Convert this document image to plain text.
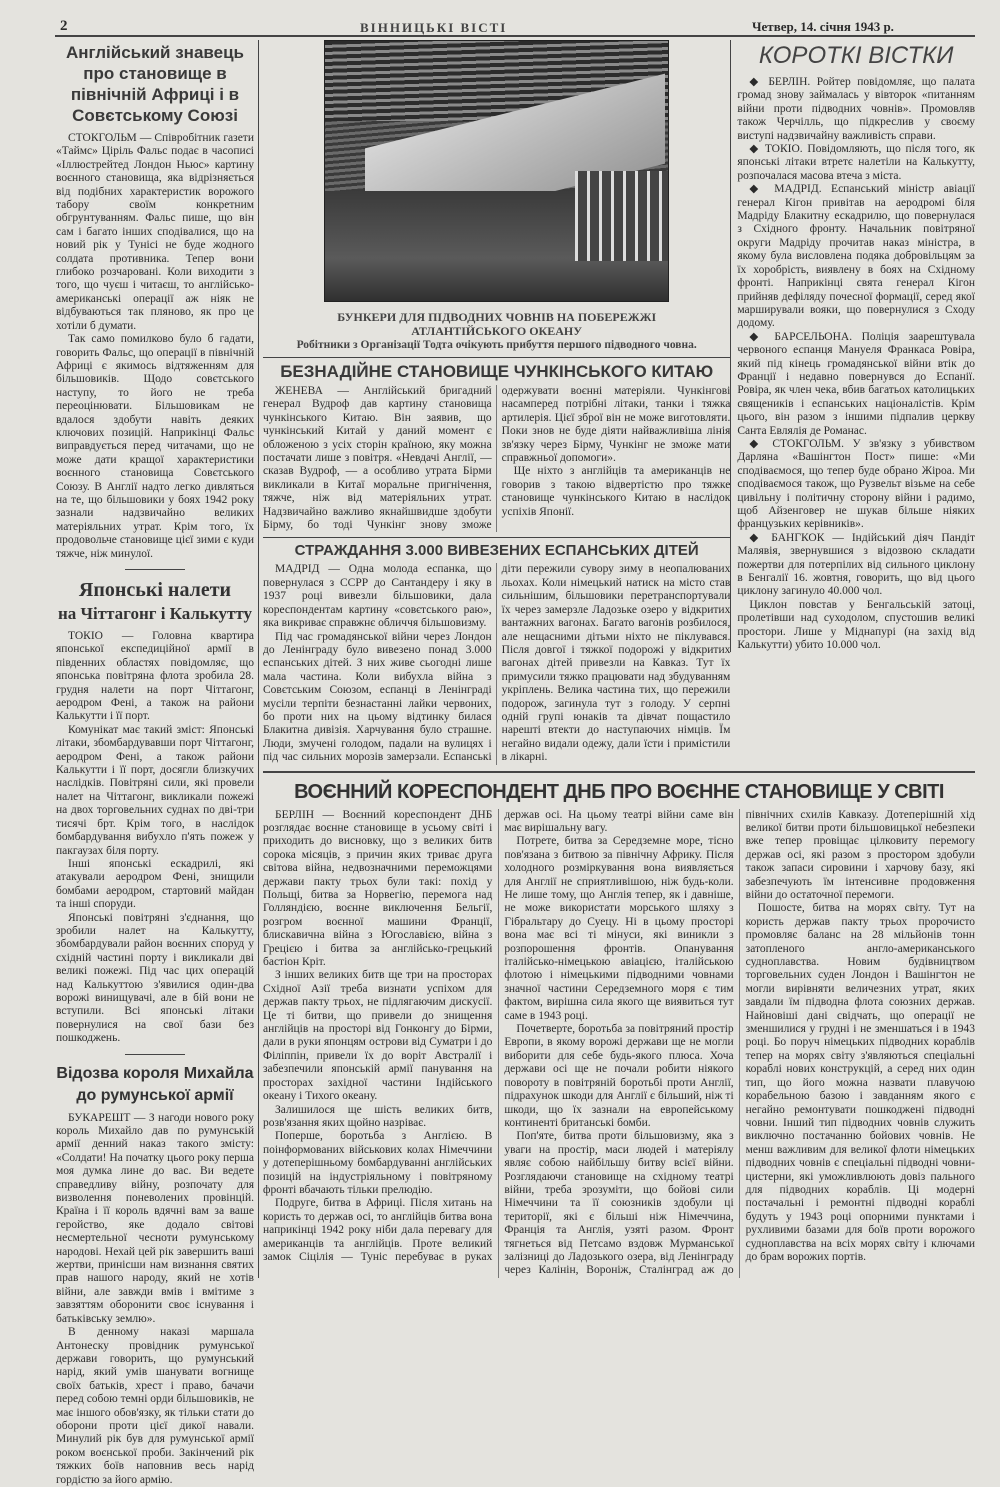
2	ВІННИЦЬКІ ВІСТІ	Четвер, 14. січня 1943 р.
Англійський знавець про становище в північній Африці і в Совєтському Союзі

СТОКГОЛЬМ — Співробітник газети «Таймс» Ціріль Фальс подає в часописі «Іллюстрейтед Лондон Ньюс» картину воєнного становища, яка відрізняється від подібних характеристик ворожого табору своїм конкретним обгрунтуванням. Фальс пише, що він сам і багато інших сподівалися, що на новий рік у Тунісі не буде жодного солдата противника. Тепер вони глибоко розчаровані. Коли виходити з того, що чуєш і читаєш, то англійсько-американські операції аж ніяк не відбуваються так пляново, як про це хотіли б думати.

Так само помилково було б гадати, говорить Фальс, що операції в північній Африці є якимось відтяженням для більшовиків. Щодо совєтського наступу, то його не треба переоцінювати. Більшовикам не вдалося здобути навіть деяких ключових позицій. Наприкінці Фальс виправдується перед читачами, що не може дати кращої характеристики воєнного становища Совєтського Союзу. В Англії надто легко дивляться на те, що більшовики у боях 1942 року зазнали надзвичайно великих матеріяльних утрат. Крім того, їх продовольче становище цієї зими є куди тяжче, ніж минулої.

Японські налети
на Чіттагонг і Калькутту

ТОКІО — Головна квартира японської експедиційної армії в південних областях повідомляє, що японська повітряна флота зробила 28. грудня налети на порт Чіттагонг, аеродром Фені, а також на райони Калькутти і її порт.

Комунікат має такий зміст: Японські літаки, збомбардувавши порт Чіттагонг, аеродром Фені, а також райони Калькутти і її порт, досягли близкучих наслідків. Повітряні сили, які провели налет на Чіттагонг, викликали пожежі на двох торговельних суднах по дві-три тисячі брт. Крім того, в наслідок бомбардування вибухло п'ять пожеж у пакгаузах біля порту.

Інші японські ескадрилі, які атакували аеродром Фені, знищили бомбами аеродром, стартовий майдан та інші споруди.

Японські повітряні з'єднання, що зробили налет на Калькутту, збомбардували район воєнних споруд у східній частині порту і викликали дві великі пожежі. Під час цих операцій над Калькуттою з'явилися один-два ворожі винищувачі, але в бій вони не вступили. Всі японські літаки повернулися на свої бази без пошкоджень.

Відозва короля Михайла
до румунської армії

БУКАРЕШТ — З нагоди нового року король Михайло дав по румунській армії денний наказ такого змісту: «Солдати! На початку цього року перша моя думка лине до вас. Ви ведете справедливу війну, розпочату для визволення поневолених провінцій. Країна і її король вдячні вам за ваше геройство, яке додало світові несмертельної чесноти румунському народові. Нехай цей рік завершить ваші жертви, принісши нам визнання святих прав нашого народу, який не хотів війни, але завжди вмів і вмітиме з завзяттям оборонити своє існування і батьківську землю».

В денному наказі маршала Антонеску провідник румунської держави говорить, що румунський нарід, який умів шанувати вогнище своїх батьків, хрест і право, бачачи перед собою темні орди більшовиків, не має іншого обов'язку, як тільки стати до оборони проти цієї дикої навали. Минулий рік був для румунської армії роком воєнської проби. Закінчений рік тяжких боїв наповнив весь нарід гордістю за його армію.

БУНКЕРИ ДЛЯ ПІДВОДНИХ ЧОВНІВ НА ПОБЕРЕЖЖІ АТЛАНТІЙСЬКОГО ОКЕАНУ
Робітники з Організації Тодта очікують прибуття першого підводного човна.
БЕЗНАДІЙНЕ СТАНОВИЩЕ ЧУНКІНСЬКОГО КИТАЮ

ЖЕНЕВА — Англійський бригадний генерал Вудроф дав картину становища чункінського Китаю. Він заявив, що чункінський Китай у даний момент є обложеною з усіх сторін країною, яку можна постачати лише з повітря. «Невдачі Англії, — сказав Вудроф, — а особливо утрата Бірми викликали в Китаї моральне пригнічення, тяжче, ніж від матеріяльних утрат. Надзвичайно важливо якнайшвидше здобути Бірму, бо тоді Чункінг знову зможе одержувати воєнні матеріяли. Чункінгові насамперед потрібні літаки, танки і тяжка артилерія. Цієї зброї він не може виготовляти. Поки знов не буде діяти найважливіша лінія зв'язку через Бірму, Чункінг не зможе мати справжньої допомоги».

Ще ніхто з англійців та американців не говорив з такою відвертістю про тяжке становище чункінського Китаю в наслідок успіхів Японії.

СТРАЖДАННЯ 3.000 ВИВЕЗЕНИХ ЕСПАНСЬКИХ ДІТЕЙ

МАДРІД — Одна молода еспанка, що повернулася з ССРР до Сантандеру і яку в 1937 році вивезли більшовики, дала кореспондентам картину «совєтського раю», яка викриває справжнє обличчя більшовизму.

Під час громадянської війни через Лондон до Ленінграду було вивезено понад 3.000 еспанських дітей. З них живе сьогодні лише мала частина. Коли вибухла війна з Совєтським Союзом, еспанці в Ленінграді мусіли терпіти безнастанні лайки червоних, бо проти них на цьому відтинку билася Блакитна дивізія. Харчування було страшне. Люди, змучені голодом, падали на вулицях і під час сильних морозів замерзали. Еспанські діти пережили сувору зиму в неопалюваних льохах. Коли німецький натиск на місто став сильнішим, більшовики перетранспортували їх через замерзле Ладозьке озеро у відкритих вантажних вагонах. Багато вагонів розбилося, але нещасними дітьми ніхто не піклувався. Після довгої і тяжкої подорожі у відкритих вагонах дітей привезли на Кавказ. Тут їх примусили тяжко працювати над збудуванням укріплень. Велика частина тих, що пережили подорож, загинула тут з голоду. У серпні одній групі юнаків та дівчат пощастило нарешті втекти до наступаючих німців. Їм негайно видали одежу, дали їсти і примістили в лікарні.

КОРОТКІ ВІСТКИ

◆ БЕРЛІН. Ройтер повідомляє, що палата громад знову займалась у вівторок «питанням війни проти підводних човнів». Промовляв також Черчілль, що підкреслив у своєму виступі надзвичайну важливість справи.

◆ ТОКІО. Повідомляють, що після того, як японські літаки втретє налетіли на Калькутту, розпочалася масова втеча з міста.

◆ МАДРІД. Еспанський міністр авіації генерал Кігон привітав на аеродромі біля Мадріду Блакитну ескадрилю, що повернулася з Східного фронту. Начальник повітряної округи Мадріду прочитав наказ міністра, в якому була висловлена подяка добровільцям за їх хоробрість, виявлену в боях на Східному фронті. Наприкінці свята генерал Кігон прийняв дефіляду почесної формації, серед якої марширували вояки, що повернулися з Сходу додому.

◆ БАРСЕЛЬОНА. Поліція заарештувала червоного еспанця Мануеля Франкаса Ровіра, який під кінець громадянської війни втік до Франції і недавно повернувся до Еспанії. Ровіра, як член чека, вбив багатьох католицьких священиків і еспанських націоналістів. Крім цього, він разом з іншими підпалив церкву Санта Евлялія де Романас.

◆ СТОКГОЛЬМ. У зв'язку з убивством Дарляна «Вашінгтон Пост» пише: «Ми сподіваємося, що тепер буде обрано Жіроа. Ми сподіваємося також, що Рузвельт візьме на себе цивільну і політичну сторону війни і радимо, щоб Айзенговер не шукав більше ніяких французьких керівників».

◆ БАНГКОК — Індійський діяч Пандіт Малявія, звернувшися з відозвою складати пожертви для потерпілих від сильного циклону в Бенгалії 16. жовтня, говорить, що від цього циклону загинуло 40.000 чол.

Циклон повстав у Бенгальській затоці, пролетівши над суходолом, спустошив великі простори. Лише у Міднапурі (на захід від Калькутти) убито 10.000 чол.

ВОЄННИЙ КОРЕСПОНДЕНТ ДНБ ПРО ВОЄННЕ СТАНОВИЩЕ У СВІТІ

БЕРЛІН — Воєнний кореспондент ДНБ розглядає воєнне становище в усьому світі і приходить до висновку, що з великих битв сорока місяців, з причин яких триває друга світова війна, недвозначними переможцями держави пакту трьох були такі: похід у Польщі, битва за Норвегію, перемога над Голляндією, воєнне виключення Бельгії, розгром воєнної машини Франції, блискавична війна з Югославією, війна з Грецією і битва за англійсько-грецький бастіон Кріт.

З інших великих битв ще три на просторах Східної Азії треба визнати успіхом для держав пакту трьох, не підлягаючим дискусії. Це ті битви, що привели до знищення англійців на просторі від Гонконгу до Бірми, дали в руки японцям острови від Суматри і до Філіппін, привели їх до воріт Австралії і забезпечили японській армії панування на просторах західної частини Індійського океану і Тихого океану.

Залишилося ще шість великих битв, розв'язання яких щойно назріває.

Поперше, боротьба з Англією. В поінформованих військових колах Німеччини у дотеперішньому бомбардуванні англійських позицій на індустріяльному і повітряному фронті вбачають тільки прелюдію.

Подруге, битва в Африці. Після хитань на користь то держав осі, то англійців битва вона наприкінці 1942 року ніби дала перевагу для американців та англійців. Проте великий замок Сіцілія — Туніс перебуває в руках держав осі. На цьому театрі війни саме він має вирішальну вагу.

Потрете, битва за Середземне море, тісно пов'язана з битвою за північну Африку. Після холодного розміркування вона виявляється для Англії не сприятливішою, ніж будь-коли. Не лише тому, що Англія тепер, як і давніше, не може використати морського шляху з Гібральтару до Суецу. Ні в цьому просторі вона має всі ті мінуси, які виникли з розпорошення фронтів. Опанування італійсько-німецькою авіацією, італійською флотою і німецькими підводними човнами значної частини Середземного моря є тим фактом, вирішна сила якого ще виявиться тут саме в 1943 році.

Почетверте, боротьба за повітряний простір Европи, в якому ворожі держави ще не могли виборити для себе будь-якого плюса. Хоча держави осі ще не почали робити ніякого повороту в повітряній боротьбі проти Англії, підрахунок шкоди для Англії є більший, ніж ті шкоди, що їх зазнали на европейському континенті британські бомби.

Поп'яте, битва проти більшовизму, яка з уваги на простір, маси людей і матеріялу являє собою найбільшу битву всієї війни. Розглядаючи становище на східному театрі війни, треба зрозуміти, що бойові сили Німеччини та її союзників здобули ці території, які є більші ніж Німеччина, Франція та Англія, узяті разом. Фронт тягнеться від Петсамо вздовж Мурманської залізниці до Ладозького озера, від Ленінграду через Калінін, Вороніж, Сталінград аж до північних схилів Кавказу. Дотеперішній хід великої битви проти більшовицької небезпеки вже тепер провіщає цілковиту перемогу держав осі, які разом з простором здобули також запаси сировини і харчову базу, які забезпечують їм інтенсивне продовження війни до остаточної перемоги.

Пошосте, битва на морях світу. Тут на користь держав пакту трьох пророчисто промовляє баланс на 28 мільйонів тонн затопленого англо-американського судноплавства. Новим будівництвом торговельних суден Лондон і Вашінгтон не могли вирівняти величезних утрат, яких завдали їм підводна флота союзних держав. Найновіші дані свідчать, що операції не зменшилися у грудні і не зменшаться і в 1943 році. Бо поруч німецьких підводних кораблів тепер на морях світу з'являються спеціальні кораблі нових конструкцій, а серед них один тип, що його можна назвати плавучою корабельною базою і завданням якого є негайно ремонтувати пошкоджені підводні човни. Інший тип підводних човнів служить виключно постачанню бойових човнів. Не менш важливим для великої флоти німецьких підводних човнів є спеціальні підводні човни-цистерни, які уможливлюють довіз пального для підводних кораблів. Ці модерні постачальні і ремонтні підводні кораблі будуть у 1943 році опорними пунктами і рухливими базами для боїв проти ворожого судноплавства на всіх морях світу і ключами до брам ворожих портів.
